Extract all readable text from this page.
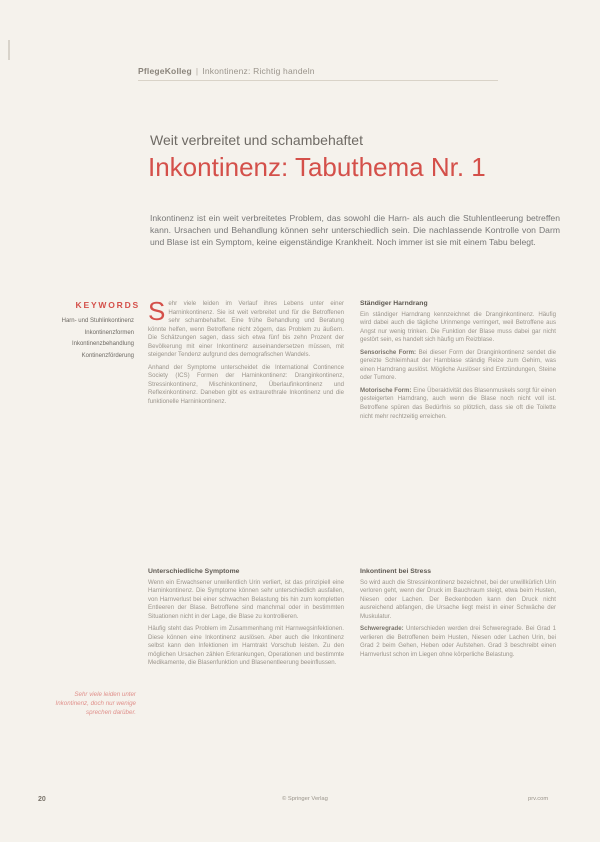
PflegeKolleg | Inkontinenz: Richtig handeln
Weit verbreitet und schambehaftet
Inkontinenz: Tabuthema Nr. 1
Inkontinenz ist ein weit verbreitetes Problem, das sowohl die Harn- als auch die Stuhlentleerung betreffen kann. Ursachen und Behandlung können sehr unterschiedlich sein. Die nachlassende Kontrolle von Darm und Blase ist ein Symptom, keine eigenständige Krankheit. Noch immer ist sie mit einem Tabu belegt.
KEYWORDS
Harn- und Stuhlinkontinenz
Inkontinenzformen
Inkontinenzbehandlung
Kontinenzförderung

Sehr viele leiden im Verlauf ihres Lebens unter einer Harninkontinenz. Sie ist weit verbreitet und für die Betroffenen sehr schambehaftet. Eine frühe Behandlung und Beratung könnte helfen, wenn Betroffene nicht zögern, das Problem zu äußern. Die Schätzungen sagen, dass sich etwa fünf bis zehn Prozent der Bevölkerung mit einer Inkontinenz auseinandersetzen müssen, mit steigender Tendenz aufgrund des demografischen Wandels.

Anhand der Symptome unterscheidet die International Continence Society (ICS) Formen der Harninkontinenz: Dranginkontinenz, Stressinkontinenz, Mischinkontinenz, Überlaufinkontinenz und Reflexinkontinenz. Daneben gibt es extraurethrale Inkontinenz und die funktionelle Harninkontinenz.

Unterschiedliche Symptome

Wenn ein Erwachsener unwillentlich Urin verliert, ist das prinzipiell eine Harninkontinenz. Die Symptome können sehr unterschiedlich ausfallen, von Harnverlust bei einer schwachen Belastung bis hin zum kompletten Entleeren der Blase. Betroffene sind manchmal oder in bestimmten Situationen nicht in der Lage, die Blase zu kontrollieren.

Häufig steht das Problem im Zusammenhang mit Harnwegsinfektionen. Diese können eine Inkontinenz auslösen. Aber auch die Inkontinenz selbst kann den Infektionen im Harntrakt Vorschub leisten. Zu den möglichen Ursachen zählen Erkrankungen, Operationen und bestimmte Medikamente, die Blasenfunktion und Blasenentleerung beeinflussen.

Ständiger Harndrang

Ein ständiger Harndrang kennzeichnet die Dranginkontinenz. Häufig wird dabei auch die tägliche Urinmenge verringert, weil Betroffene aus Angst nur wenig trinken. Die Funktion der Blase muss dabei gar nicht gestört sein, es handelt sich häufig um Reizblase.

Sensorische Form: Bei dieser Form der Dranginkontinenz sendet die gereizte Schleimhaut der Harnblase ständig Reize zum Gehirn, was einen Harndrang auslöst. Mögliche Auslöser sind Entzündungen, Steine oder Tumore.

Motorische Form: Eine Überaktivität des Blasenmuskels sorgt für einen gesteigerten Harndrang, auch wenn die Blase noch nicht voll ist. Betroffene spüren das Bedürfnis so plötzlich, dass sie oft die Toilette nicht mehr rechtzeitig erreichen.

Inkontinent bei Stress

So wird auch die Stressinkontinenz bezeichnet, bei der unwillkürlich Urin verloren geht, wenn der Druck im Bauchraum steigt, etwa beim Husten, Niesen oder Lachen. Der Beckenboden kann den Druck nicht ausreichend abfangen, die Ursache liegt meist in einer Schwäche der Muskulatur.

Schweregrade: Unterschieden werden drei Schweregrade. Bei Grad 1 verlieren die Betroffenen beim Husten, Niesen oder Lachen Urin, bei Grad 2 beim Gehen, Heben oder Aufstehen. Grad 3 beschreibt einen Harnverlust schon im Liegen ohne körperliche Belastung.

Sehr viele leiden unter Inkontinenz, doch nur wenige sprechen darüber.
20	© Springer Verlag	prv.com
